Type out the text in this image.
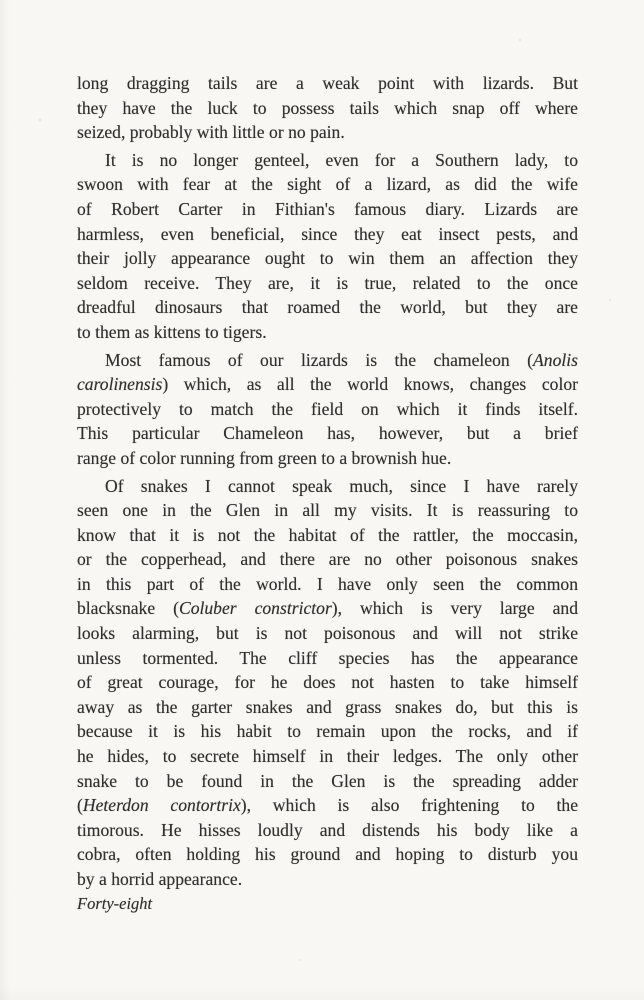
long dragging tails are a weak point with lizards. But
they have the luck to possess tails which snap off where
seized, probably with little or no pain.
It is no longer genteel, even for a Southern lady, to
swoon with fear at the sight of a lizard, as did the wife
of Robert Carter in Fithian's famous diary. Lizards are
harmless, even beneficial, since they eat insect pests, and
their jolly appearance ought to win them an affection they
seldom receive. They are, it is true, related to the once
dreadful dinosaurs that roamed the world, but they are
to them as kittens to tigers.
Most famous of our lizards is the chameleon (Anolis
carolinensis) which, as all the world knows, changes color
protectively to match the field on which it finds itself.
This particular Chameleon has, however, but a brief
range of color running from green to a brownish hue.
Of snakes I cannot speak much, since I have rarely
seen one in the Glen in all my visits. It is reassuring to
know that it is not the habitat of the rattler, the moccasin,
or the copperhead, and there are no other poisonous snakes
in this part of the world. I have only seen the common
blacksnake (Coluber constrictor), which is very large and
looks alarming, but is not poisonous and will not strike
unless tormented. The cliff species has the appearance
of great courage, for he does not hasten to take himself
away as the garter snakes and grass snakes do, but this is
because it is his habit to remain upon the rocks, and if
he hides, to secrete himself in their ledges. The only other
snake to be found in the Glen is the spreading adder
(Heterdon contortrix), which is also frightening to the
timorous. He hisses loudly and distends his body like a
cobra, often holding his ground and hoping to disturb you
by a horrid appearance.
Forty-eight
